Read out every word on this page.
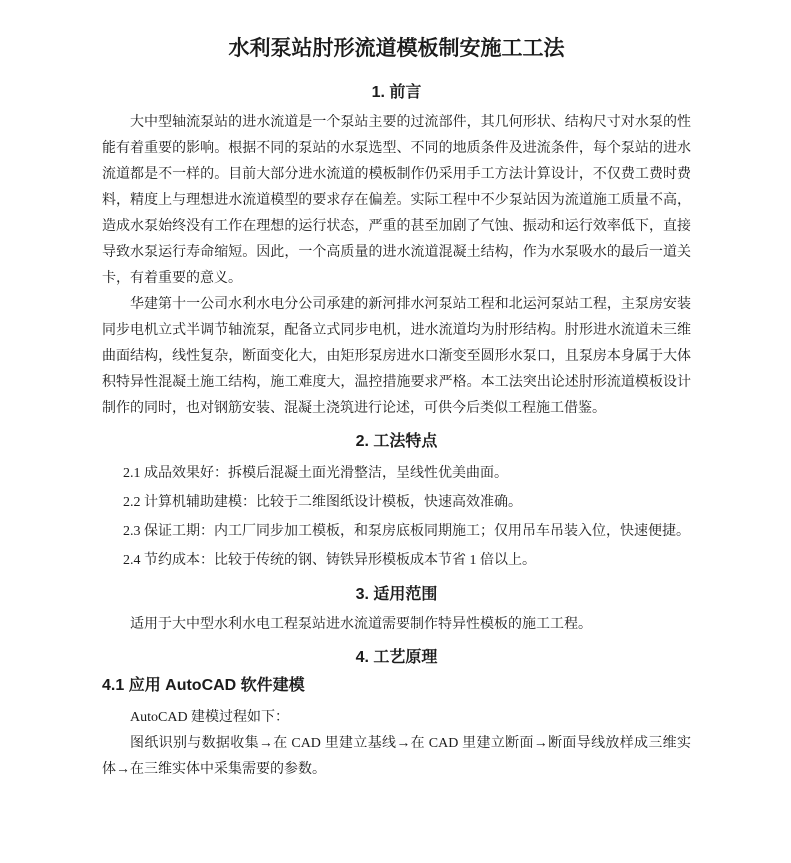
水利泵站肘形流道模板制安施工工法
1. 前言

大中型轴流泵站的进水流道是一个泵站主要的过流部件，其几何形状、结构尺寸对水泵的性能有着重要的影响。根据不同的泵站的水泵选型、不同的地质条件及进流条件，每个泵站的进水流道都是不一样的。目前大部分进水流道的模板制作仍采用手工方法计算设计，不仅费工费时费料，精度上与理想进水流道模型的要求存在偏差。实际工程中不少泵站因为流道施工质量不高，造成水泵始终没有工作在理想的运行状态，严重的甚至加剧了气蚀、振动和运行效率低下，直接导致水泵运行寿命缩短。因此，一个高质量的进水流道混凝土结构，作为水泵吸水的最后一道关卡，有着重要的意义。

华建第十一公司水利水电分公司承建的新河排水河泵站工程和北运河泵站工程，主泵房安装同步电机立式半调节轴流泵，配备立式同步电机，进水流道均为肘形结构。肘形进水流道未三维曲面结构，线性复杂，断面变化大，由矩形泵房进水口渐变至圆形水泵口，且泵房本身属于大体积特异性混凝土施工结构，施工难度大，温控措施要求严格。本工法突出论述肘形流道模板设计制作的同时，也对钢筋安装、混凝土浇筑进行论述，可供今后类似工程施工借鉴。

2. 工法特点

2.1 成品效果好：拆模后混凝土面光滑整洁，呈线性优美曲面。

2.2 计算机辅助建模：比较于二维图纸设计模板，快速高效准确。

2.3 保证工期：内工厂同步加工模板，和泵房底板同期施工；仅用吊车吊装入位，快速便捷。

2.4 节约成本：比较于传统的钢、铸铁异形模板成本节省 1 倍以上。

3. 适用范围

适用于大中型水利水电工程泵站进水流道需要制作特异性模板的施工工程。

4. 工艺原理
4.1 应用 AutoCAD 软件建模

AutoCAD 建模过程如下：

图纸识别与数据收集→在 CAD 里建立基线→在 CAD 里建立断面→断面导线放样成三维实体→在三维实体中采集需要的参数。
